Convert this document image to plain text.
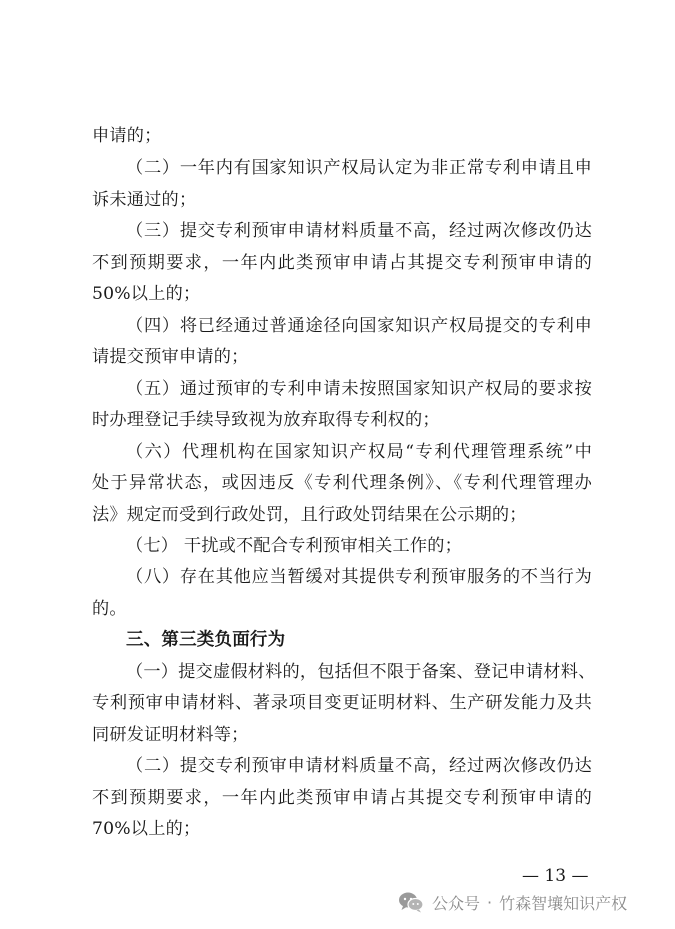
申请的；
（二）一年内有国家知识产权局认定为非正常专利申请且申
诉未通过的；
（三）提交专利预审申请材料质量不高，经过两次修改仍达
不到预期要求，一年内此类预审申请占其提交专利预审申请的
50%以上的；
（四）将已经通过普通途径向国家知识产权局提交的专利申
请提交预审申请的；
（五）通过预审的专利申请未按照国家知识产权局的要求按
时办理登记手续导致视为放弃取得专利权的；
（六）代理机构在国家知识产权局“专利代理管理系统”中
处于异常状态，或因违反《专利代理条例》、《专利代理管理办
法》规定而受到行政处罚，且行政处罚结果在公示期的；
（七） 干扰或不配合专利预审相关工作的；
（八）存在其他应当暂缓对其提供专利预审服务的不当行为
的。
三、第三类负面行为
（一）提交虚假材料的，包括但不限于备案、登记申请材料、
专利预审申请材料、著录项目变更证明材料、生产研发能力及共
同研发证明材料等；
（二）提交专利预审申请材料质量不高，经过两次修改仍达
不到预期要求，一年内此类预审申请占其提交专利预审申请的
70%以上的；
— 13 —
公众号 · 竹森智壤知识产权
